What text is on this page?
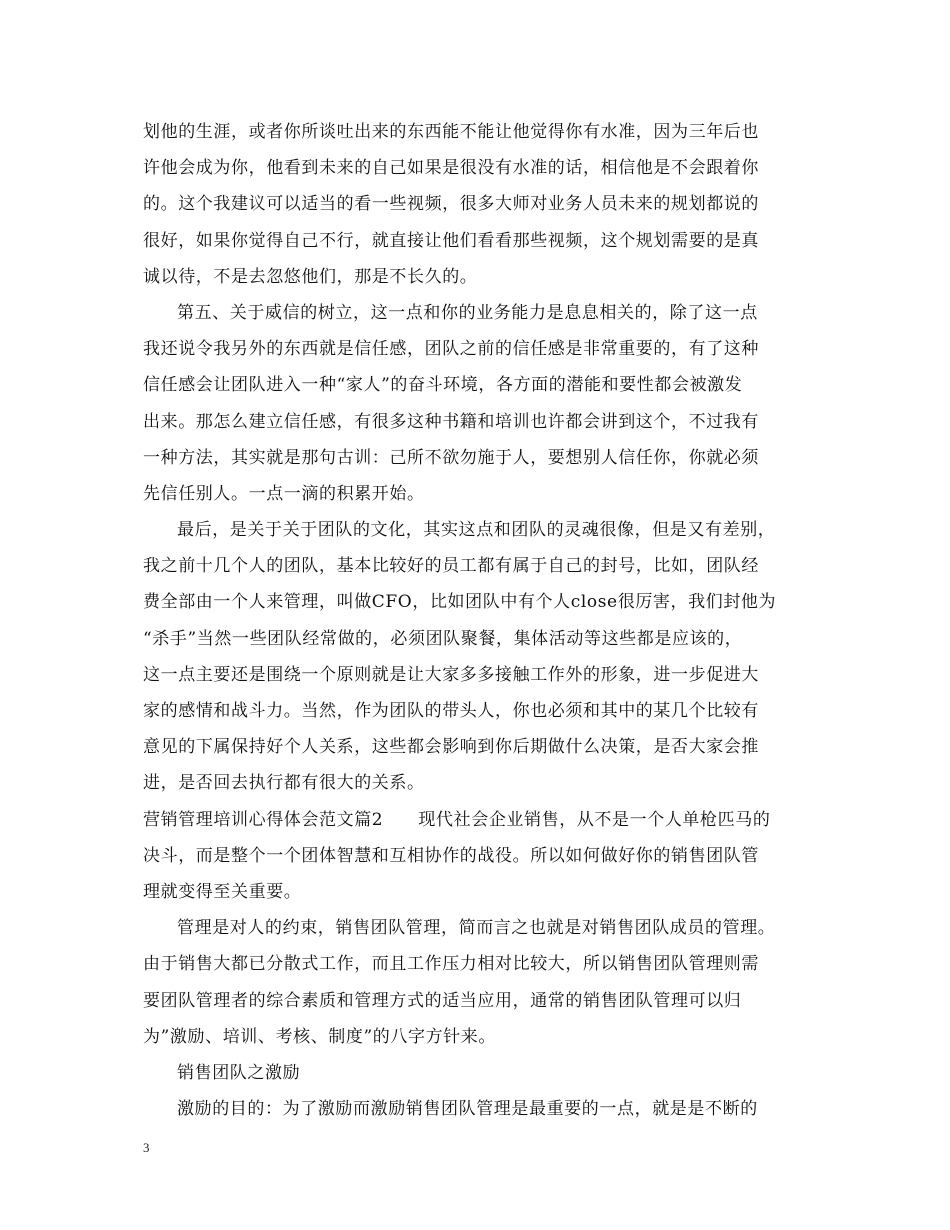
划他的生涯，或者你所谈吐出来的东西能不能让他觉得你有水准，因为三年后也
许他会成为你，他看到未来的自己如果是很没有水准的话，相信他是不会跟着你
的。这个我建议可以适当的看一些视频，很多大师对业务人员未来的规划都说的
很好，如果你觉得自己不行，就直接让他们看看那些视频，这个规划需要的是真
诚以待，不是去忽悠他们，那是不长久的。
第五、关于威信的树立，这一点和你的业务能力是息息相关的，除了这一点
我还说令我另外的东西就是信任感，团队之前的信任感是非常重要的，有了这种
信任感会让团队进入一种“家人”的奋斗环境，各方面的潜能和要性都会被激发
出来。那怎么建立信任感，有很多这种书籍和培训也许都会讲到这个，不过我有
一种方法，其实就是那句古训：己所不欲勿施于人，要想别人信任你，你就必须
先信任别人。一点一滴的积累开始。
最后，是关于关于团队的文化，其实这点和团队的灵魂很像，但是又有差别，
我之前十几个人的团队，基本比较好的员工都有属于自己的封号，比如，团队经
费全部由一个人来管理，叫做CFO，比如团队中有个人close很厉害，我们封他为
“杀手”当然一些团队经常做的，必须团队聚餐，集体活动等这些都是应该的，
这一点主要还是围绕一个原则就是让大家多多接触工作外的形象，进一步促进大
家的感情和战斗力。当然，作为团队的带头人，你也必须和其中的某几个比较有
意见的下属保持好个人关系，这些都会影响到你后期做什么决策，是否大家会推
进，是否回去执行都有很大的关系。
营销管理培训心得体会范文篇2　　现代社会企业销售，从不是一个人单枪匹马的
决斗，而是整个一个团体智慧和互相协作的战役。所以如何做好你的销售团队管
理就变得至关重要。
管理是对人的约束，销售团队管理，简而言之也就是对销售团队成员的管理。
由于销售大都已分散式工作，而且工作压力相对比较大，所以销售团队管理则需
要团队管理者的综合素质和管理方式的适当应用，通常的销售团队管理可以归
为”激励、培训、考核、制度”的八字方针来。
销售团队之激励
激励的目的：为了激励而激励销售团队管理是最重要的一点，就是是不断的
3
